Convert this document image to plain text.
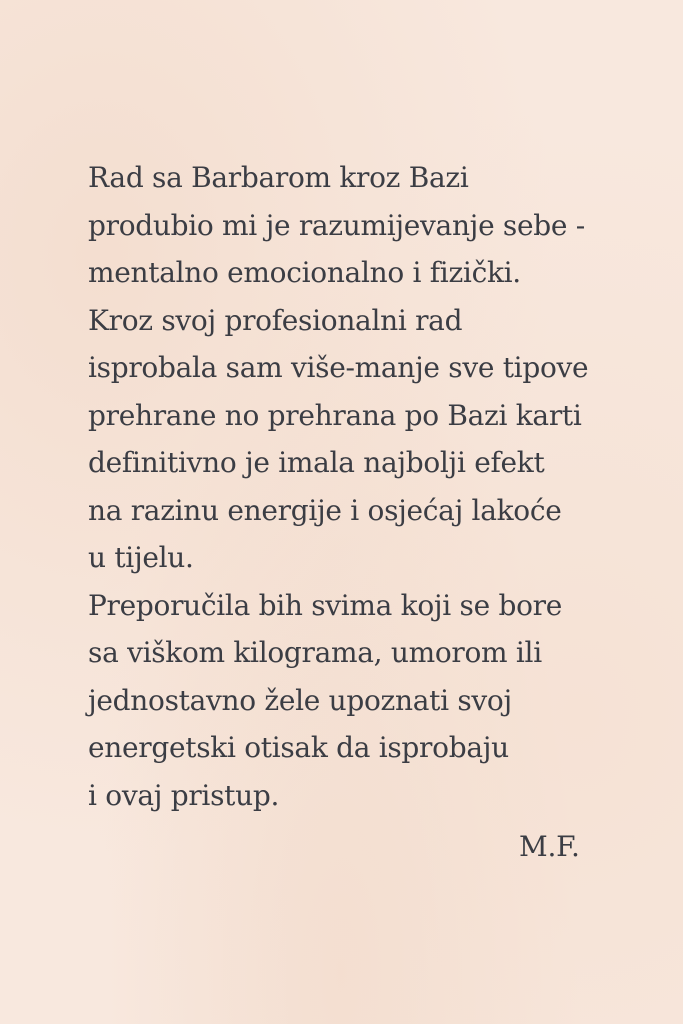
Rad sa Barbarom kroz Bazi
produbio mi je razumijevanje sebe -
mentalno emocionalno i fizički.
Kroz svoj profesionalni rad
isprobala sam više-manje sve tipove
prehrane no prehrana po Bazi karti
definitivno je imala najbolji efekt
na razinu energije i osjećaj lakoće
u tijelu.
Preporučila bih svima koji se bore
sa viškom kilograma, umorom ili
jednostavno žele upoznati svoj
energetski otisak da isprobaju
i ovaj pristup.

M.F.
